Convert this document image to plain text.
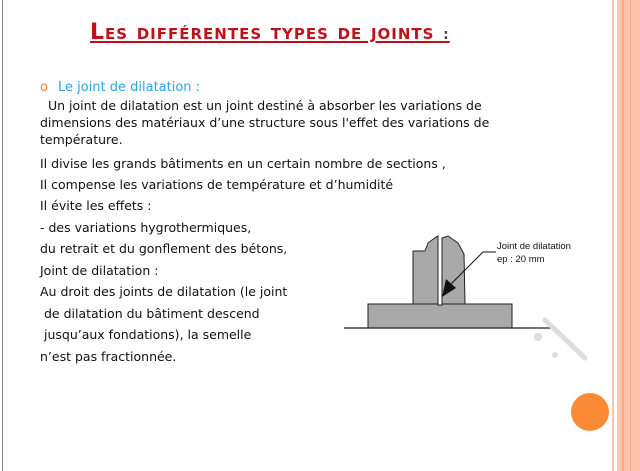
Les différentes types de joints :
o Le joint de dilatation :
Un joint de dilatation est un joint destiné à absorber les variations de
dimensions des matériaux d’une structure sous l'effet des variations de
température.
Il divise les grands bâtiments en un certain nombre de sections ,
Il compense les variations de température et d’humidité
Il évite les effets :
- des variations hygrothermiques,
du retrait et du gonflement des bétons,
Joint de dilatation :
Au droit des joints de dilatation (le joint
de dilatation du bâtiment descend
jusqu’aux fondations), la semelle
n’est pas fractionnée.
Joint de dilatation
ep : 20 mm
